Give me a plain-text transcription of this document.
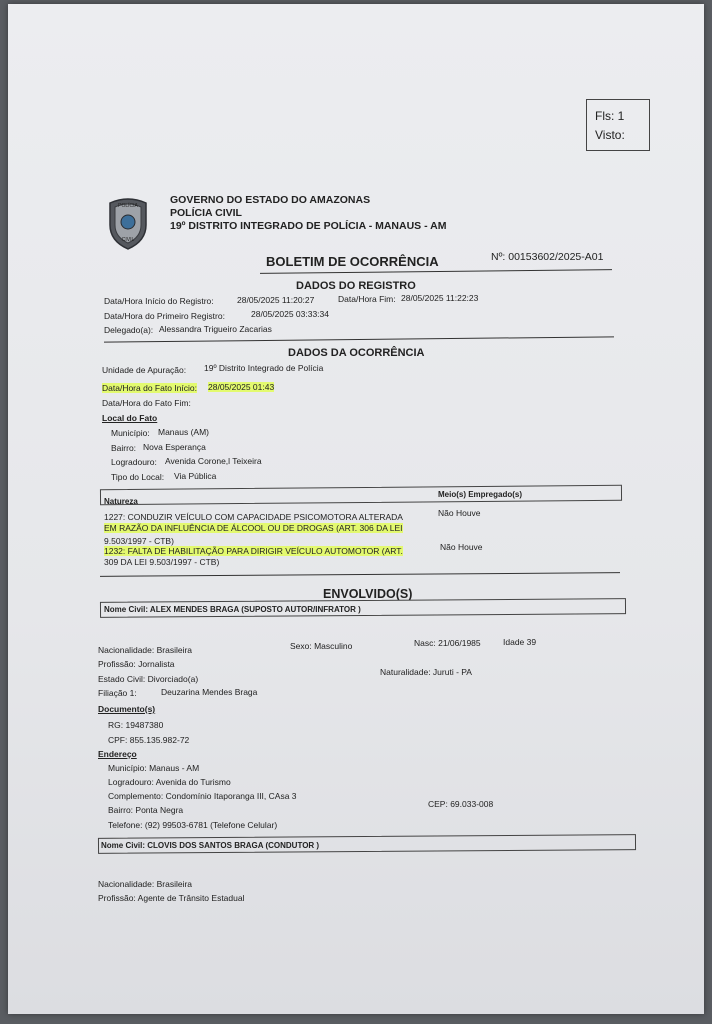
Fls: 1
Visto:
POLÍCIA
CIVIL
GOVERNO DO ESTADO DO AMAZONAS
POLÍCIA CIVIL
19º DISTRITO INTEGRADO DE POLÍCIA - MANAUS - AM
BOLETIM DE OCORRÊNCIA	Nº: 00153602/2025-A01
DADOS DO REGISTRO
Data/Hora Início do Registro:	28/05/2025 11:20:27	Data/Hora Fim: 28/05/2025 11:22:23
Data/Hora do Primeiro Registro:	28/05/2025 03:33:34
Delegado(a): Alessandra Trigueiro Zacarias
DADOS DA OCORRÊNCIA
Unidade de Apuração: 19º Distrito Integrado de Polícia
Data/Hora do Fato Início: 28/05/2025 01:43
Data/Hora do Fato Fim:
Local do Fato
Município: Manaus (AM)
Bairro: Nova Esperança
Logradouro: Avenida Corone,l Teixeira
Tipo do Local: Via Pública
Natureza
Meio(s) Empregado(s)
1227: CONDUZIR VEÍCULO COM CAPACIDADE PSICOMOTORA ALTERADA
EM RAZÃO DA INFLUÊNCIA DE ÁLCOOL OU DE DROGAS (ART. 306 DA LEI
9.503/1997 - CTB)
Não Houve
1232: FALTA DE HABILITAÇÃO PARA DIRIGIR VEÍCULO AUTOMOTOR (ART.
309 DA LEI 9.503/1997 - CTB)
Não Houve
ENVOLVIDO(S)
Nome Civil: ALEX MENDES BRAGA (SUPOSTO AUTOR/INFRATOR )
Nacionalidade: Brasileira	Sexo: Masculino	Nasc: 21/06/1985	Idade 39
Profissão: Jornalista
Estado Civil: Divorciado(a)
Naturalidade: Juruti - PA
Filiação 1:	Deuzarina Mendes Braga
Documento(s)
RG: 19487380
CPF: 855.135.982-72
Endereço
Município: Manaus - AM
Logradouro: Avenida do Turismo
Complemento: Condomínio Itaporanga III, CAsa 3
Bairro: Ponta Negra
CEP: 69.033-008
Telefone: (92) 99503-6781 (Telefone Celular)
Nome Civil: CLOVIS DOS SANTOS BRAGA (CONDUTOR )
Nacionalidade: Brasileira
Profissão: Agente de Trânsito Estadual
